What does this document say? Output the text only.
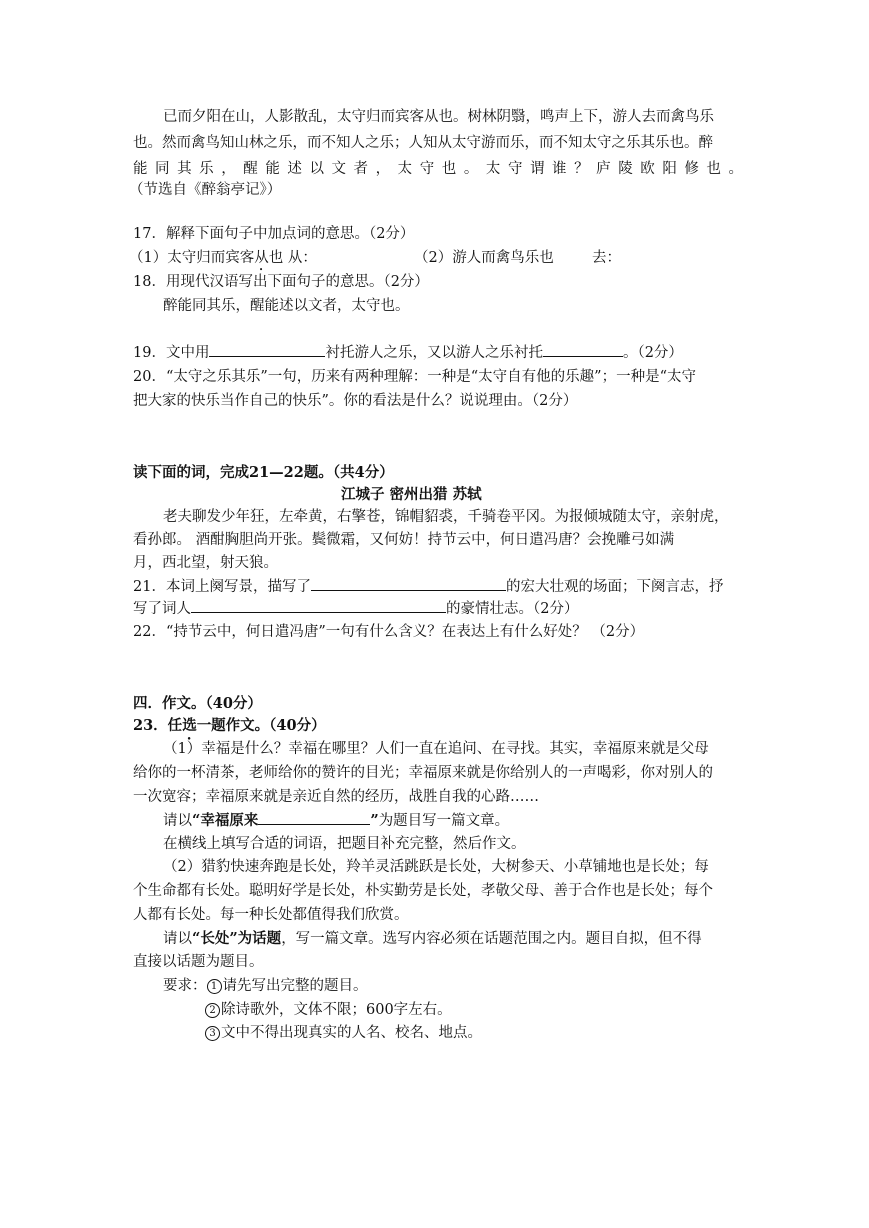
已而夕阳在山，人影散乱，太守归而宾客从也。树林阴翳，鸣声上下，游人去而禽鸟乐
也。然而禽鸟知山林之乐，而不知人之乐；人知从太守游而乐，而不知太守之乐其乐也。醉
能 同 其 乐 ， 醒 能 述 以 文 者 ， 太 守 也 。 太 守 谓 谁 ？ 庐 陵 欧 阳 修 也 。
（节选自《醉翁亭记》）
17．解释下面句子中加点词的意思。（2分）
（1）太守归而宾客从也 从：	（2）游人而禽鸟乐也	去：
18．用现代汉语写出下面句子的意思。（2分）
醉能同其乐，醒能述以文者，太守也。
19．文中用	衬托游人之乐，又以游人之乐衬托	。（2分）
20．“太守之乐其乐”一句，历来有两种理解：一种是“太守自有他的乐趣”；一种是“太守
把大家的快乐当作自己的快乐”。你的看法是什么？说说理由。（2分）
读下面的词，完成21—22题。（共4分）
江城子 密州出猎 苏轼
老夫聊发少年狂，左牵黄，右擎苍，锦帽貂裘，千骑卷平冈。为报倾城随太守，亲射虎，
看孙郎。 酒酣胸胆尚开张。鬓微霜，又何妨！持节云中，何日遣冯唐？会挽雕弓如满
月，西北望，射天狼。
21．本词上阕写景，描写了	的宏大壮观的场面；下阕言志，抒
写了词人	的豪情壮志。（2分）
22．“持节云中，何日遣冯唐”一句有什么含义？在表达上有什么好处？ （2分）
四．作文。（40分）
23．任选一题作文。（40分）
（1）幸福是什么？幸福在哪里？人们一直在追问、在寻找。其实，幸福原来就是父母
给你的一杯清茶，老师给你的赞许的目光；幸福原来就是你给别人的一声喝彩，你对别人的
一次宽容；幸福原来就是亲近自然的经历，战胜自我的心路……
请以“幸福原来	”为题目写一篇文章。
在横线上填写合适的词语，把题目补充完整，然后作文。
（2）猎豹快速奔跑是长处，羚羊灵活跳跃是长处，大树参天、小草铺地也是长处；每
个生命都有长处。聪明好学是长处，朴实勤劳是长处，孝敬父母、善于合作也是长处；每个
人都有长处。每一种长处都值得我们欣赏。
请以“长处”为话题，写一篇文章。选写内容必须在话题范围之内。题目自拟，但不得
直接以话题为题目。
要求： 1 请先写出完整的题目。
2 除诗歌外，文体不限；600字左右。
3 文中不得出现真实的人名、校名、地点。
